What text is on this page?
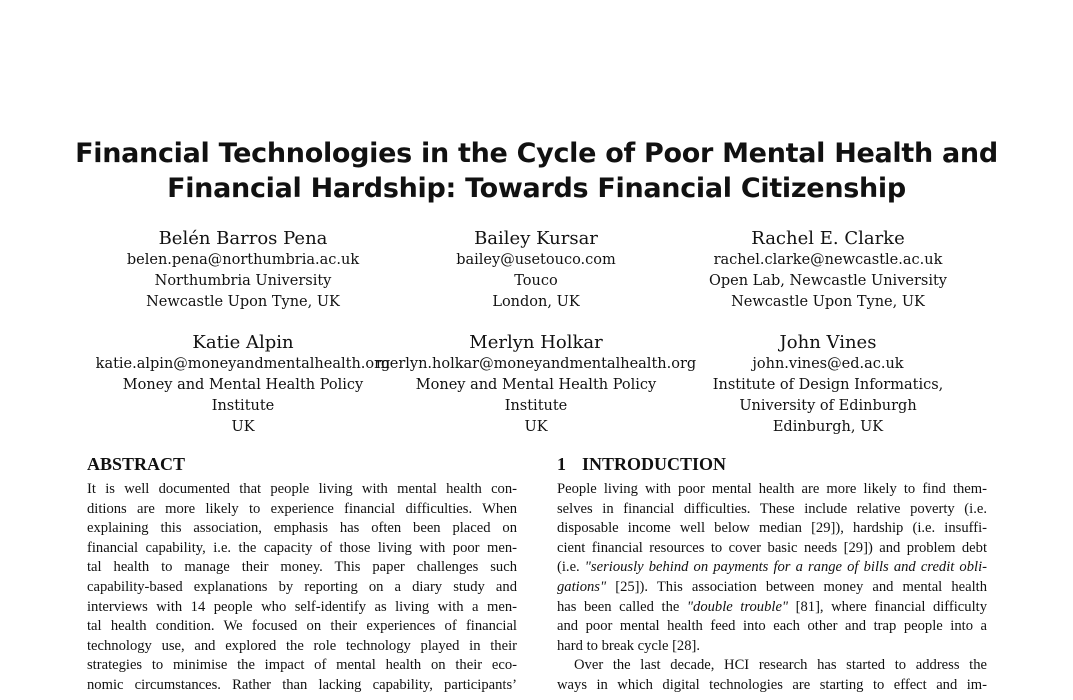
Financial Technologies in the Cycle of Poor Mental Health and
Financial Hardship: Towards Financial Citizenship
Belén Barros Pena
belen.pena@northumbria.ac.uk
Northumbria University
Newcastle Upon Tyne, UK
Bailey Kursar
bailey@usetouco.com
Touco
London, UK
Rachel E. Clarke
rachel.clarke@newcastle.ac.uk
Open Lab, Newcastle University
Newcastle Upon Tyne, UK
Katie Alpin
katie.alpin@moneyandmentalhealth.org
Money and Mental Health Policy
Institute
UK
Merlyn Holkar
merlyn.holkar@moneyandmentalhealth.org
Money and Mental Health Policy
Institute
UK
John Vines
john.vines@ed.ac.uk
Institute of Design Informatics,
University of Edinburgh
Edinburgh, UK
ABSTRACT
It is well documented that people living with mental health con-
ditions are more likely to experience financial difficulties. When
explaining this association, emphasis has often been placed on
financial capability, i.e. the capacity of those living with poor men-
tal health to manage their money. This paper challenges such
capability-based explanations by reporting on a diary study and
interviews with 14 people who self-identify as living with a men-
tal health condition. We focused on their experiences of financial
technology use, and explored the role technology played in their
strategies to minimise the impact of mental health on their eco-
nomic circumstances. Rather than lacking capability, participants’
1 INTRODUCTION
People living with poor mental health are more likely to find them-
selves in financial difficulties. These include relative poverty (i.e.
disposable income well below median [29]), hardship (i.e. insuffi-
cient financial resources to cover basic needs [29]) and problem debt
(i.e. "seriously behind on payments for a range of bills and credit obli-
gations" [25]). This association between money and mental health
has been called the "double trouble" [81], where financial difficulty
and poor mental health feed into each other and trap people into a
hard to break cycle [28].
Over the last decade, HCI research has started to address the
ways in which digital technologies are starting to effect and im-
